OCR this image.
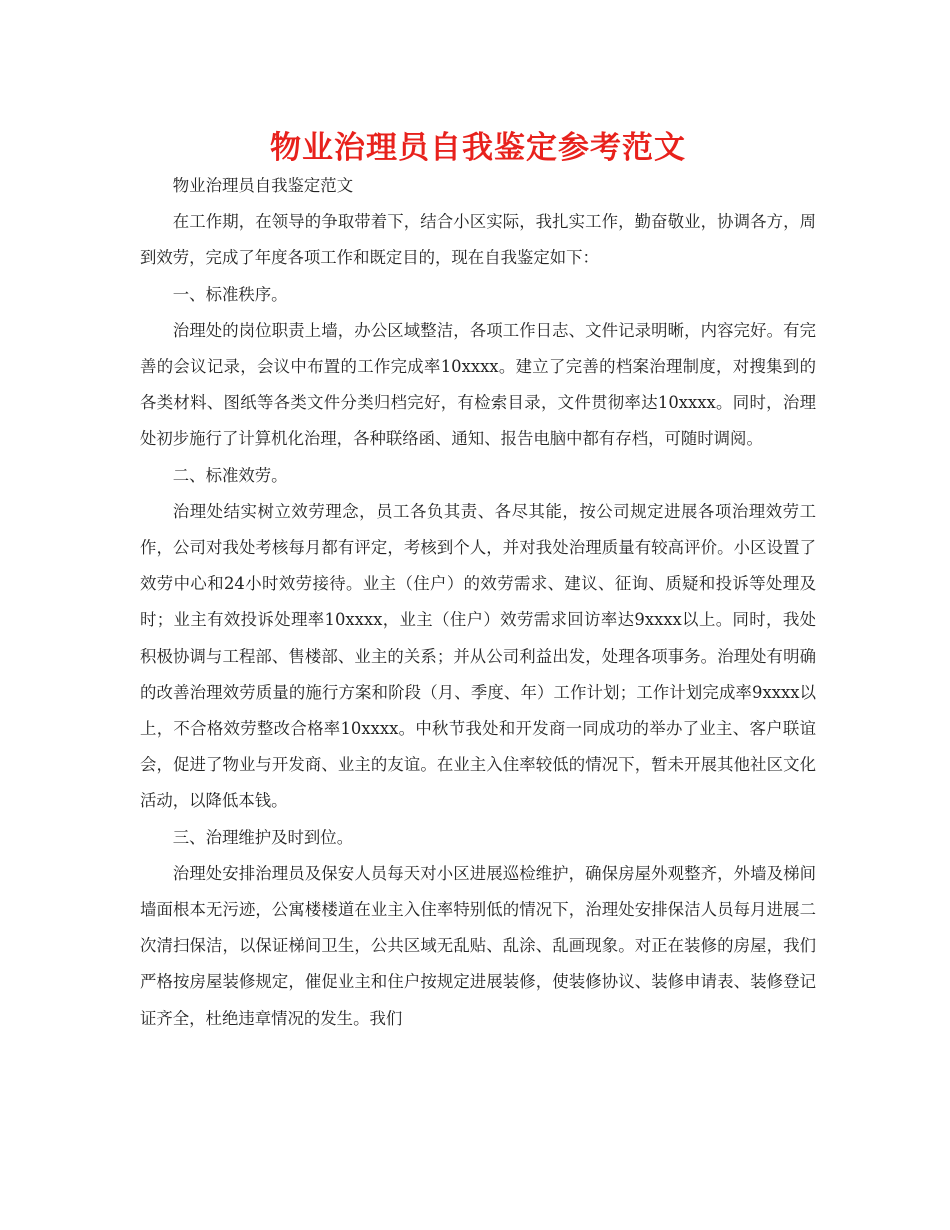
物业治理员自我鉴定参考范文

物业治理员自我鉴定范文

在工作期，在领导的争取带着下，结合小区实际，我扎实工作，勤奋敬业，协调各方，周到效劳，完成了年度各项工作和既定目的，现在自我鉴定如下：

一、标准秩序。

治理处的岗位职责上墙，办公区域整洁，各项工作日志、文件记录明晰，内容完好。有完善的会议记录，会议中布置的工作完成率10xxxx。建立了完善的档案治理制度，对搜集到的各类材料、图纸等各类文件分类归档完好，有检索目录，文件贯彻率达10xxxx。同时，治理处初步施行了计算机化治理，各种联络函、通知、报告电脑中都有存档，可随时调阅。

二、标准效劳。

治理处结实树立效劳理念，员工各负其责、各尽其能，按公司规定进展各项治理效劳工作，公司对我处考核每月都有评定，考核到个人，并对我处治理质量有较高评价。小区设置了效劳中心和24小时效劳接待。业主（住户）的效劳需求、建议、征询、质疑和投诉等处理及时；业主有效投诉处理率10xxxx，业主（住户）效劳需求回访率达9xxxx以上。同时，我处积极协调与工程部、售楼部、业主的关系；并从公司利益出发，处理各项事务。治理处有明确的改善治理效劳质量的施行方案和阶段（月、季度、年）工作计划；工作计划完成率9xxxx以上，不合格效劳整改合格率10xxxx。中秋节我处和开发商一同成功的举办了业主、客户联谊会，促进了物业与开发商、业主的友谊。在业主入住率较低的情况下，暂未开展其他社区文化活动，以降低本钱。

三、治理维护及时到位。

治理处安排治理员及保安人员每天对小区进展巡检维护，确保房屋外观整齐，外墙及梯间墙面根本无污迹，公寓楼楼道在业主入住率特别低的情况下，治理处安排保洁人员每月进展二次清扫保洁，以保证梯间卫生，公共区域无乱贴、乱涂、乱画现象。对正在装修的房屋，我们严格按房屋装修规定，催促业主和住户按规定进展装修，使装修协议、装修申请表、装修登记证齐全，杜绝违章情况的发生。我们
